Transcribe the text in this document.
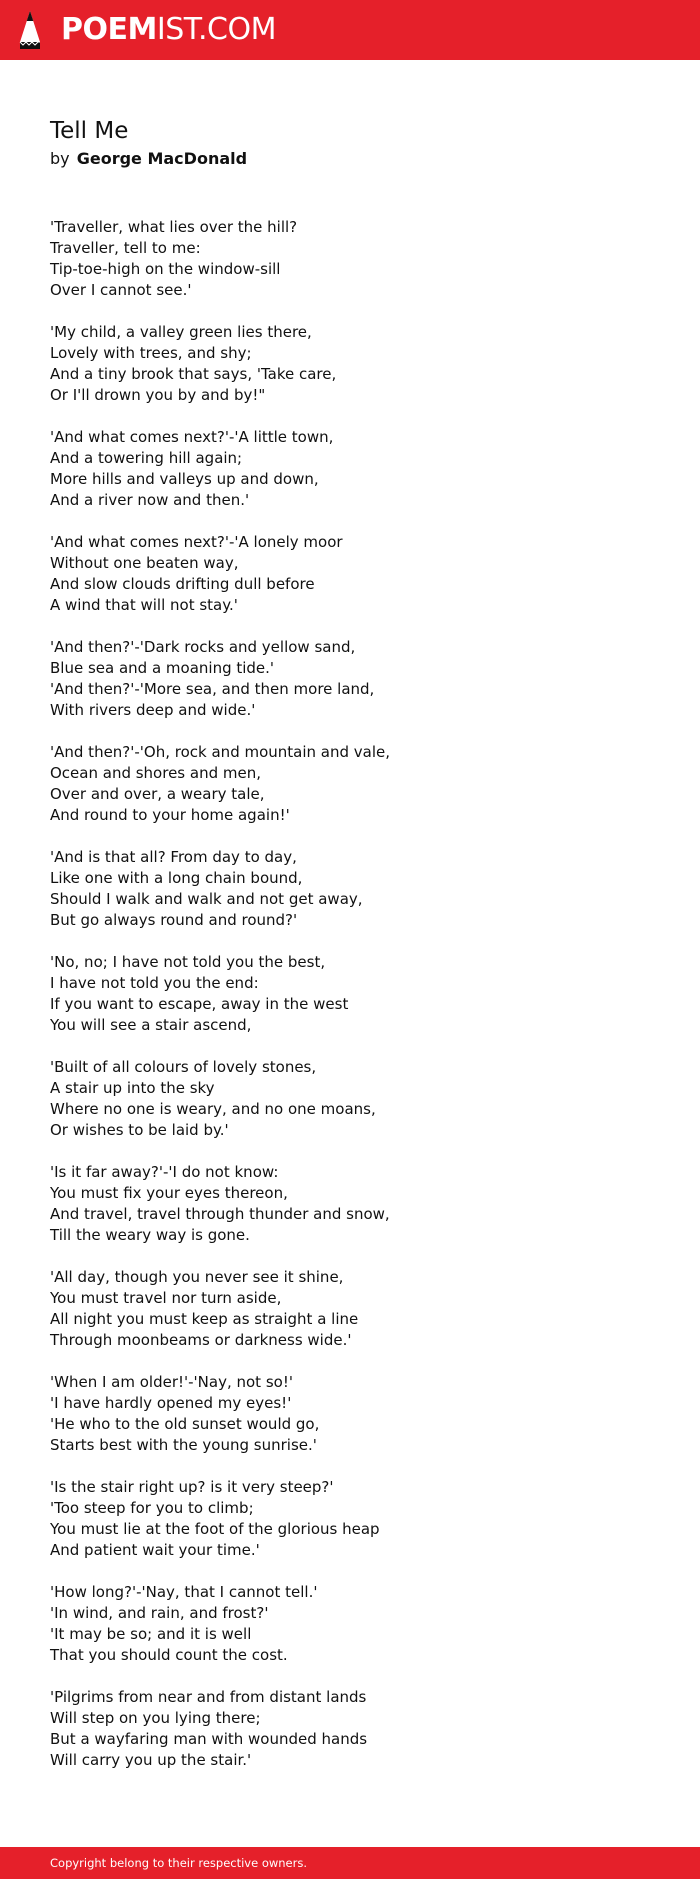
POEMIST.COM
Tell Me
by George MacDonald
'Traveller, what lies over the hill?
Traveller, tell to me:
Tip-toe-high on the window-sill
Over I cannot see.'
'My child, a valley green lies there,
Lovely with trees, and shy;
And a tiny brook that says, 'Take care,
Or I'll drown you by and by!"
'And what comes next?'-'A little town,
And a towering hill again;
More hills and valleys up and down,
And a river now and then.'
'And what comes next?'-'A lonely moor
Without one beaten way,
And slow clouds drifting dull before
A wind that will not stay.'
'And then?'-'Dark rocks and yellow sand,
Blue sea and a moaning tide.'
'And then?'-'More sea, and then more land,
With rivers deep and wide.'
'And then?'-'Oh, rock and mountain and vale,
Ocean and shores and men,
Over and over, a weary tale,
And round to your home again!'
'And is that all? From day to day,
Like one with a long chain bound,
Should I walk and walk and not get away,
But go always round and round?'
'No, no; I have not told you the best,
I have not told you the end:
If you want to escape, away in the west
You will see a stair ascend,
'Built of all colours of lovely stones,
A stair up into the sky
Where no one is weary, and no one moans,
Or wishes to be laid by.'
'Is it far away?'-'I do not know:
You must fix your eyes thereon,
And travel, travel through thunder and snow,
Till the weary way is gone.
'All day, though you never see it shine,
You must travel nor turn aside,
All night you must keep as straight a line
Through moonbeams or darkness wide.'
'When I am older!'-'Nay, not so!'
'I have hardly opened my eyes!'
'He who to the old sunset would go,
Starts best with the young sunrise.'
'Is the stair right up? is it very steep?'
'Too steep for you to climb;
You must lie at the foot of the glorious heap
And patient wait your time.'
'How long?'-'Nay, that I cannot tell.'
'In wind, and rain, and frost?'
'It may be so; and it is well
That you should count the cost.
'Pilgrims from near and from distant lands
Will step on you lying there;
But a wayfaring man with wounded hands
Will carry you up the stair.'
Copyright belong to their respective owners.
